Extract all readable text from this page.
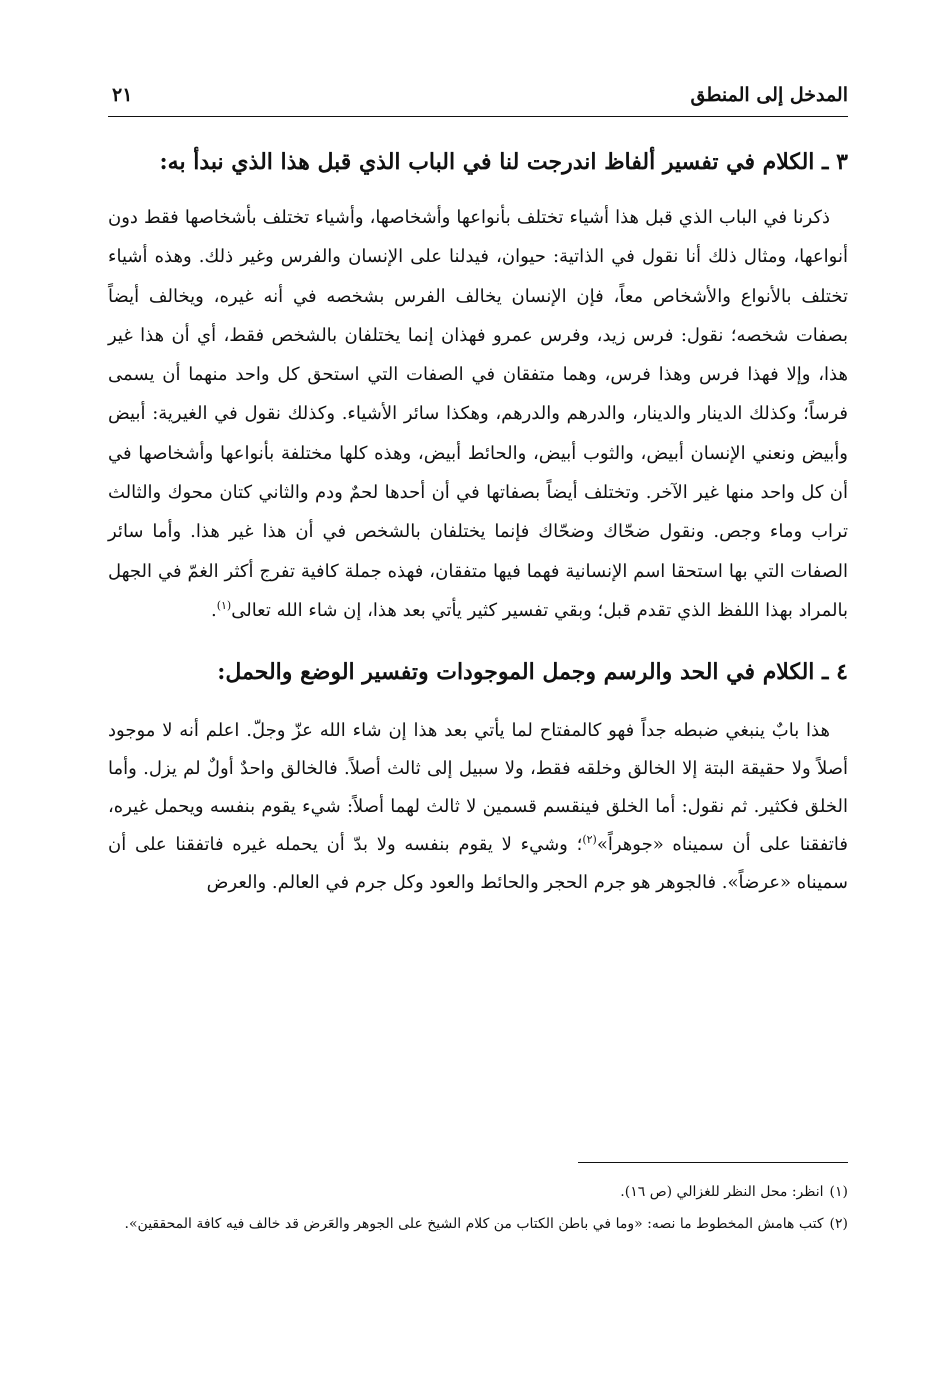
المدخل إلى المنطق
٢١
٣ ـ الكلام في تفسير ألفاظ اندرجت لنا في الباب الذي قبل هذا الذي نبدأ به:

ذكرنا في الباب الذي قبل هذا أشياء تختلف بأنواعها وأشخاصها، وأشياء تختلف بأشخاصها فقط دون أنواعها، ومثال ذلك أنا نقول في الذاتية: حيوان، فيدلنا على الإنسان والفرس وغير ذلك. وهذه أشياء تختلف بالأنواع والأشخاص معاً، فإن الإنسان يخالف الفرس بشخصه في أنه غيره، ويخالف أيضاً بصفات شخصه؛ نقول: فرس زيد، وفرس عمرو فهذان إنما يختلفان بالشخص فقط، أي أن هذا غير هذا، وإلا فهذا فرس وهذا فرس، وهما متفقان في الصفات التي استحق كل واحد منهما أن يسمى فرساً؛ وكذلك الدينار والدينار، والدرهم والدرهم، وهكذا سائر الأشياء. وكذلك نقول في الغيرية: أبيض وأبيض ونعني الإنسان أبيض، والثوب أبيض، والحائط أبيض، وهذه كلها مختلفة بأنواعها وأشخاصها في أن كل واحد منها غير الآخر. وتختلف أيضاً بصفاتها في أن أحدها لحمٌ ودم والثاني كتان محوك والثالث تراب وماء وجص. ونقول ضحّاك وضحّاك فإنما يختلفان بالشخص في أن هذا غير هذا. وأما سائر الصفات التي بها استحقا اسم الإنسانية فهما فيها متفقان، فهذه جملة كافية تفرج أكثر الغمّ في الجهل بالمراد بهذا اللفظ الذي تقدم قبل؛ وبقي تفسير كثير يأتي بعد هذا، إن شاء الله تعالى$^{(١)}$.

٤ ـ الكلام في الحد والرسم وجمل الموجودات وتفسير الوضع والحمل:

هذا بابٌ ينبغي ضبطه جداً فهو كالمفتاح لما يأتي بعد هذا إن شاء الله عزّ وجلّ. اعلم أنه لا موجود أصلاً ولا حقيقة البتة إلا الخالق وخلقه فقط، ولا سبيل إلى ثالث أصلاً. فالخالق واحدٌ أولٌ لم يزل. وأما الخلق فكثير. ثم نقول: أما الخلق فينقسم قسمين لا ثالث لهما أصلاً: شيء يقوم بنفسه ويحمل غيره، فاتفقنا على أن سميناه «جوهراً»$^{(٢)}$؛ وشيء لا يقوم بنفسه ولا بدّ أن يحمله غيره فاتفقنا على أن سميناه «عرضاً». فالجوهر هو جرم الحجر والحائط والعود وكل جرم في العالم. والعرض

(١)انظر: محل النظر للغزالي (ص ١٦).

(٢)كتب هامش المخطوط ما نصه: «وما في باطن الكتاب من كلام الشيخ على الجوهر والعَرض قد خالف فيه كافة المحققين».
